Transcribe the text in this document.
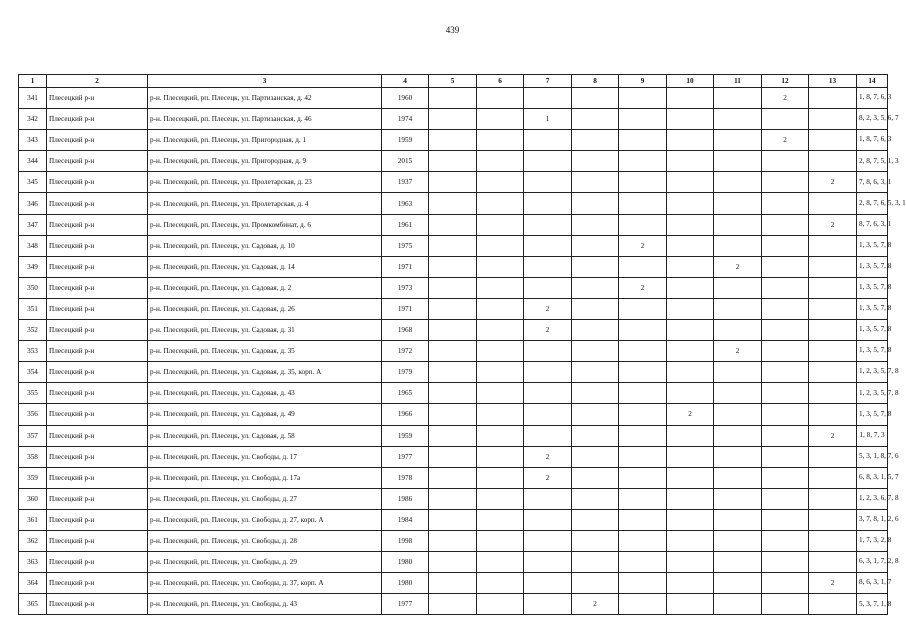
439
1	2	3	4	5	6	7	8	9	10	11	12	13	14
341	Плесецкий р-н	р-н. Плесецкий, рп. Плесецк, ул. Партизанская, д. 42	1960								2		1, 8, 7, 6, 3
342	Плесецкий р-н	р-н. Плесецкий, рп. Плесецк, ул. Партизанская, д. 46	1974			1							8, 2, 3, 5, 6, 7
343	Плесецкий р-н	р-н. Плесецкий, рп. Плесецк, ул. Пригородная, д. 1	1959								2		1, 8, 7, 6, 3
344	Плесецкий р-н	р-н. Плесецкий, рп. Плесецк, ул. Пригородная, д. 9	2015										2, 8, 7, 5, 1, 3
345	Плесецкий р-н	р-н. Плесецкий, рп. Плесецк, ул. Пролетарская, д. 23	1937									2	7, 8, 6, 3, 1
346	Плесецкий р-н	р-н. Плесецкий, рп. Плесецк, ул. Пролетарская, д. 4	1963										2, 8, 7, 6, 5, 3, 1
347	Плесецкий р-н	р-н. Плесецкий, рп. Плесецк, ул. Промкомбинат, д. 6	1961									2	8, 7, 6, 3, 1
348	Плесецкий р-н	р-н. Плесецкий, рп. Плесецк, ул. Садовая, д. 10	1975					2					1, 3, 5, 7, 8
349	Плесецкий р-н	р-н. Плесецкий, рп. Плесецк, ул. Садовая, д. 14	1971							2			1, 3, 5, 7, 8
350	Плесецкий р-н	р-н. Плесецкий, рп. Плесецк, ул. Садовая, д. 2	1973					2					1, 3, 5, 7, 8
351	Плесецкий р-н	р-н. Плесецкий, рп. Плесецк, ул. Садовая, д. 26	1971			2							1, 3, 5, 7, 8
352	Плесецкий р-н	р-н. Плесецкий, рп. Плесецк, ул. Садовая, д. 31	1968			2							1, 3, 5, 7, 8
353	Плесецкий р-н	р-н. Плесецкий, рп. Плесецк, ул. Садовая, д. 35	1972							2			1, 3, 5, 7, 8
354	Плесецкий р-н	р-н. Плесецкий, рп. Плесецк, ул. Садовая, д. 35, корп. А	1979										1, 2, 3, 5, 7, 8
355	Плесецкий р-н	р-н. Плесецкий, рп. Плесецк, ул. Садовая, д. 43	1965										1, 2, 3, 5, 7, 8
356	Плесецкий р-н	р-н. Плесецкий, рп. Плесецк, ул. Садовая, д. 49	1966						2				1, 3, 5, 7, 8
357	Плесецкий р-н	р-н. Плесецкий, рп. Плесецк, ул. Садовая, д. 58	1959									2	1, 8, 7, 3
358	Плесецкий р-н	р-н. Плесецкий, рп. Плесецк, ул. Свободы, д. 17	1977			2							5, 3, 1, 8, 7, 6
359	Плесецкий р-н	р-н. Плесецкий, рп. Плесецк, ул. Свободы, д. 17а	1978			2							6, 8, 3, 1, 5, 7
360	Плесецкий р-н	р-н. Плесецкий, рп. Плесецк, ул. Свободы, д. 27	1986										1, 2, 3, 6, 7, 8
361	Плесецкий р-н	р-н. Плесецкий, рп. Плесецк, ул. Свободы, д. 27, корп. А	1984										3, 7, 8, 1, 2, 6
362	Плесецкий р-н	р-н. Плесецкий, рп. Плесецк, ул. Свободы, д. 28	1998										1, 7, 3, 2, 8
363	Плесецкий р-н	р-н. Плесецкий, рп. Плесецк, ул. Свободы, д. 29	1980										6, 3, 1, 7, 2, 8
364	Плесецкий р-н	р-н. Плесецкий, рп. Плесецк, ул. Свободы, д. 37, корп. А	1980									2	8, 6, 3, 1, 7
365	Плесецкий р-н	р-н. Плесецкий, рп. Плесецк, ул. Свободы, д. 43	1977				2						5, 3, 7, 1, 8
